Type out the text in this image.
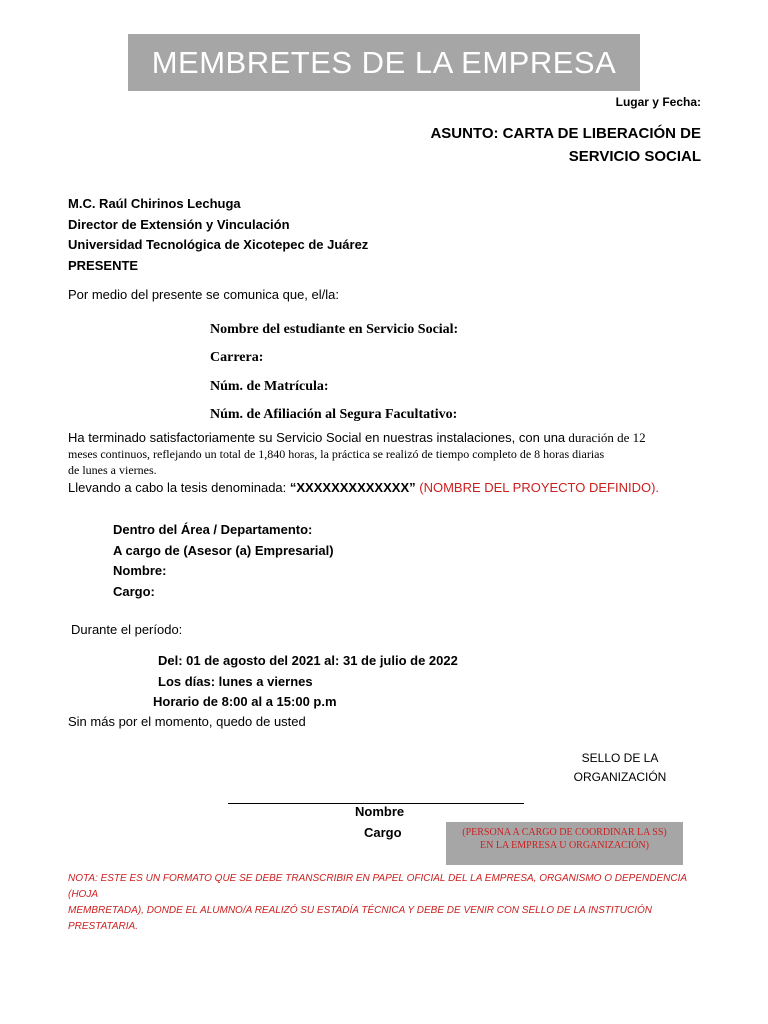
MEMBRETES DE LA EMPRESA
Lugar y Fecha:
ASUNTO: CARTA DE LIBERACIÓN DE
SERVICIO SOCIAL
M.C. Raúl Chirinos Lechuga
Director de Extensión y Vinculación
Universidad Tecnológica de Xicotepec de Juárez
PRESENTE
Por medio del presente se comunica que, el/la:
Nombre del estudiante en Servicio Social:
Carrera:
Núm. de Matrícula:
Núm. de Afiliación al Segura Facultativo:
Ha terminado satisfactoriamente su Servicio Social en nuestras instalaciones, con una duración de 12
meses continuos, reflejando un total de 1,840 horas, la práctica se realizó de tiempo completo de 8 horas diarias
de lunes a viernes.
Llevando a cabo la tesis denominada: “XXXXXXXXXXXXX” (NOMBRE DEL PROYECTO DEFINIDO).
Dentro del Área / Departamento:
A cargo de (Asesor (a) Empresarial)
Nombre:
Cargo:
Durante el período:
Del: 01 de agosto del 2021 al: 31 de julio de 2022
Los días: lunes a viernes
Horario de 8:00 al a 15:00 p.m
Sin más por el momento, quedo de usted
SELLO DE LA
ORGANIZACIÓN
Nombre
Cargo	(PERSONA A CARGO DE COORDINAR LA SS)
EN LA EMPRESA U ORGANIZACIÓN)
NOTA: ESTE ES UN FORMATO QUE SE DEBE TRANSCRIBIR EN PAPEL OFICIAL DEL LA EMPRESA, ORGANISMO O DEPENDENCIA (HOJA
MEMBRETADA), DONDE EL ALUMNO/A REALIZÓ SU ESTADÍA TÉCNICA Y DEBE DE VENIR CON SELLO DE LA INSTITUCIÓN PRESTATARIA.
